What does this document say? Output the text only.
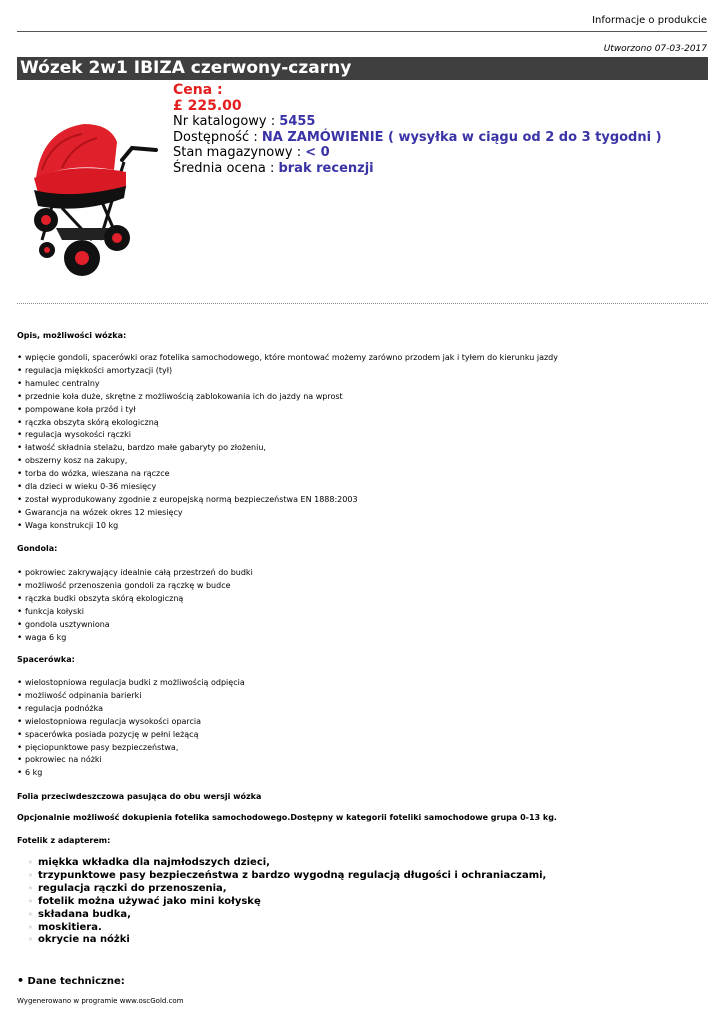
Informacje o produkcie
Utworzono 07-03-2017
Wózek 2w1 IBIZA czerwony-czarny
Cena :
£ 225.00
Nr katalogowy : 5455
Dostępność : NA ZAMÓWIENIE ( wysyłka w ciągu od 2 do 3 tygodni )
Stan magazynowy : < 0
Średnia ocena : brak recenzji
Opis, możliwości wózka:
• wpięcie gondoli, spacerówki oraz fotelika samochodowego, które montować możemy zarówno przodem jak i tyłem do kierunku jazdy
• regulacja miękkości amortyzacji (tył)
• hamulec centralny
• przednie koła duże, skrętne z możliwością zablokowania ich do jazdy na wprost
• pompowane koła przód i tył
• rączka obszyta skórą ekologiczną
• regulacja wysokości rączki
• łatwość składnia stelażu, bardzo małe gabaryty po złożeniu,
• obszerny kosz na zakupy,
• torba do wózka, wieszana na rączce
• dla dzieci w wieku 0-36 miesięcy
• został wyprodukowany zgodnie z europejską normą bezpieczeństwa EN 1888:2003
• Gwarancja na wózek okres 12 miesięcy
• Waga konstrukcji 10 kg
Gondola:
• pokrowiec zakrywający idealnie całą przestrzeń do budki
• możliwość przenoszenia gondoli za rączkę w budce
• rączka budki obszyta skórą ekologiczną
• funkcja kołyski
• gondola usztywniona
• waga 6 kg
Spacerówka:
• wielostopniowa regulacja budki z możliwością odpięcia
• możliwość odpinania barierki
• regulacja podnóżka
• wielostopniowa regulacja wysokości oparcia
• spacerówka posiada pozycję w pełni leżącą
• pięciopunktowe pasy bezpieczeństwa,
• pokrowiec na nóżki
• 6 kg
Folia przeciwdeszczowa pasująca do obu wersji wózka
Opcjonalnie możliwość dokupienia fotelika samochodowego.Dostępny w kategorii foteliki samochodowe grupa 0-13 kg.
Fotelik z adapterem:
◦ miękka wkładka dla najmłodszych dzieci,
◦ trzypunktowe pasy bezpieczeństwa z bardzo wygodną regulacją długości i ochraniaczami,
◦ regulacja rączki do przenoszenia,
◦ fotelik można używać jako mini kołyskę
◦ składana budka,
◦ moskitiera.
◦ okrycie na nóżki
• Dane techniczne:
Wygenerowano w programie www.oscGold.com
